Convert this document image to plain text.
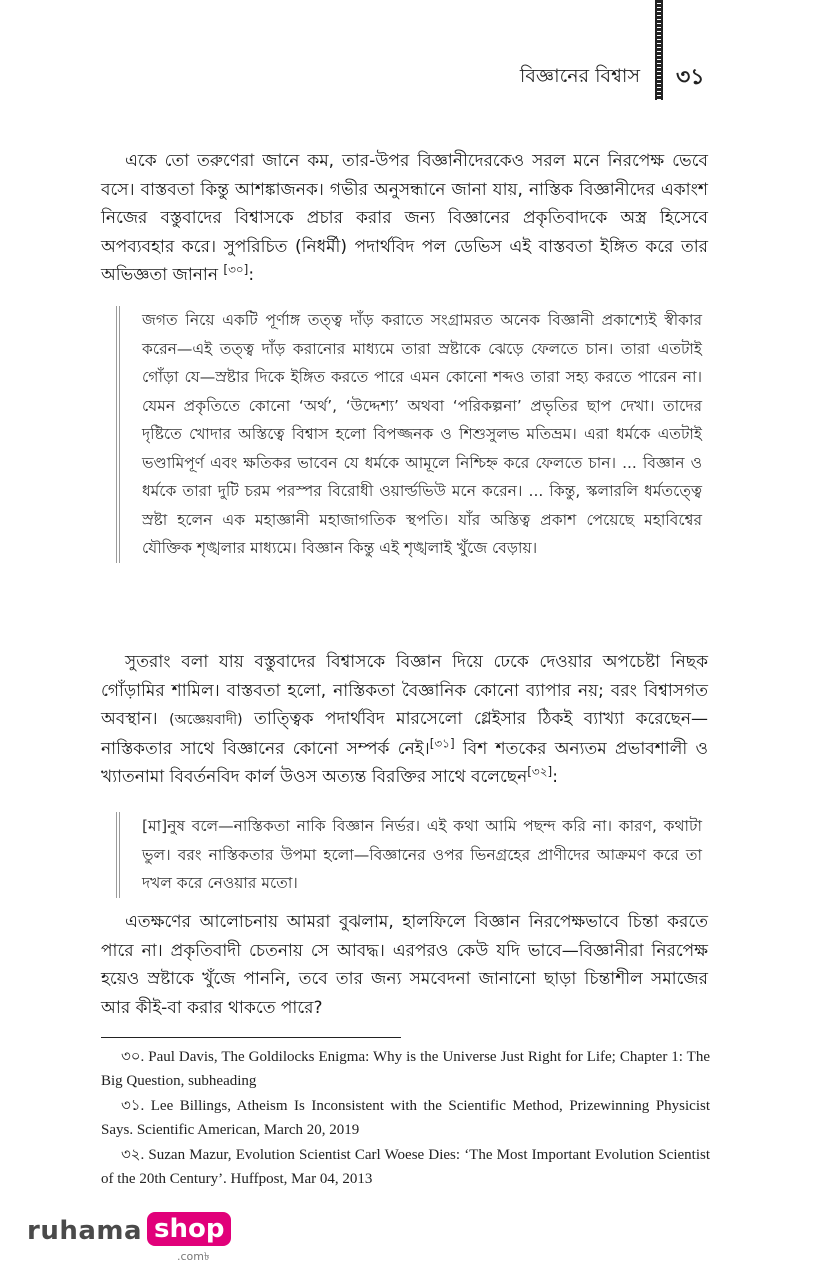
বিজ্ঞানের বিশ্বাস ৩১

একে তো তরুণেরা জানে কম, তার-উপর বিজ্ঞানীদেরকেও সরল মনে নিরপেক্ষ ভেবে বসে। বাস্তবতা কিন্তু আশঙ্কাজনক। গভীর অনুসন্ধানে জানা যায়, নাস্তিক বিজ্ঞানীদের একাংশ নিজের বস্তুবাদের বিশ্বাসকে প্রচার করার জন্য বিজ্ঞানের প্রকৃতিবাদকে অস্ত্র হিসেবে অপব্যবহার করে। সুপরিচিত (নিধর্মী) পদার্থবিদ পল ডেভিস এই বাস্তবতা ইঙ্গিত করে তার অভিজ্ঞতা জানান [৩০]:

জগত নিয়ে একটি পূর্ণাঙ্গ তত্ত্ব দাঁড় করাতে সংগ্রামরত অনেক বিজ্ঞানী প্রকাশ্যেই স্বীকার করেন—এই তত্ত্ব দাঁড় করানোর মাধ্যমে তারা স্রষ্টাকে ঝেড়ে ফেলতে চান। তারা এতটাই গোঁড়া যে—স্রষ্টার দিকে ইঙ্গিত করতে পারে এমন কোনো শব্দও তারা সহ্য করতে পারেন না। যেমন প্রকৃতিতে কোনো ‘অর্থ’, ‘উদ্দেশ্য’ অথবা ‘পরিকল্পনা’ প্রভৃতির ছাপ দেখা। তাদের দৃষ্টিতে খোদার অস্তিত্বে বিশ্বাস হলো বিপজ্জনক ও শিশুসুলভ মতিভ্রম। এরা ধর্মকে এতটাই ভণ্ডামিপূর্ণ এবং ক্ষতিকর ভাবেন যে ধর্মকে আমূলে নিশ্চিহ্ন করে ফেলতে চান। ... বিজ্ঞান ও ধর্মকে তারা দুটি চরম পরস্পর বিরোধী ওয়ার্ল্ডভিউ মনে করেন। ... কিন্তু, স্কলারলি ধর্মতত্ত্বে স্রষ্টা হলেন এক মহাজ্ঞানী মহাজাগতিক স্থপতি। যাঁর অস্তিত্ব প্রকাশ পেয়েছে মহাবিশ্বের যৌক্তিক শৃঙ্খলার মাধ্যমে। বিজ্ঞান কিন্তু এই শৃঙ্খলাই খুঁজে বেড়ায়।

সুতরাং বলা যায় বস্তুবাদের বিশ্বাসকে বিজ্ঞান দিয়ে ঢেকে দেওয়ার অপচেষ্টা নিছক গোঁড়ামির শামিল। বাস্তবতা হলো, নাস্তিকতা বৈজ্ঞানিক কোনো ব্যাপার নয়; বরং বিশ্বাসগত অবস্থান। (অজ্ঞেয়বাদী) তাত্ত্বিক পদার্থবিদ মারসেলো গ্লেইসার ঠিকই ব্যাখ্যা করেছেন—নাস্তিকতার সাথে বিজ্ঞানের কোনো সম্পর্ক নেই।[৩১] বিশ শতকের অন্যতম প্রভাবশালী ও খ্যাতনামা বিবর্তনবিদ কার্ল উওস অত্যন্ত বিরক্তির সাথে বলেছেন[৩২]:

[মা]নুষ বলে—নাস্তিকতা নাকি বিজ্ঞান নির্ভর। এই কথা আমি পছন্দ করি না। কারণ, কথাটা ভুল। বরং নাস্তিকতার উপমা হলো—বিজ্ঞানের ওপর ভিনগ্রহের প্রাণীদের আক্রমণ করে তা দখল করে নেওয়ার মতো।

এতক্ষণের আলোচনায় আমরা বুঝলাম, হালফিলে বিজ্ঞান নিরপেক্ষভাবে চিন্তা করতে পারে না। প্রকৃতিবাদী চেতনায় সে আবদ্ধ। এরপরও কেউ যদি ভাবে—বিজ্ঞানীরা নিরপেক্ষ হয়েও স্রষ্টাকে খুঁজে পাননি, তবে তার জন্য সমবেদনা জানানো ছাড়া চিন্তাশীল সমাজের আর কীই-বা করার থাকতে পারে?

৩০. Paul Davis, The Goldilocks Enigma: Why is the Universe Just Right for Life; Chapter 1: The Big Question, subheading

৩১. Lee Billings, Atheism Is Inconsistent with the Scientific Method, Prizewinning Physicist Says. Scientific American, March 20, 2019

৩২. Suzan Mazur, Evolution Scientist Carl Woese Dies: ‘The Most Important Evolution Scientist of the 20th Century’. Huffpost, Mar 04, 2013

ruhama shop
.com৳
